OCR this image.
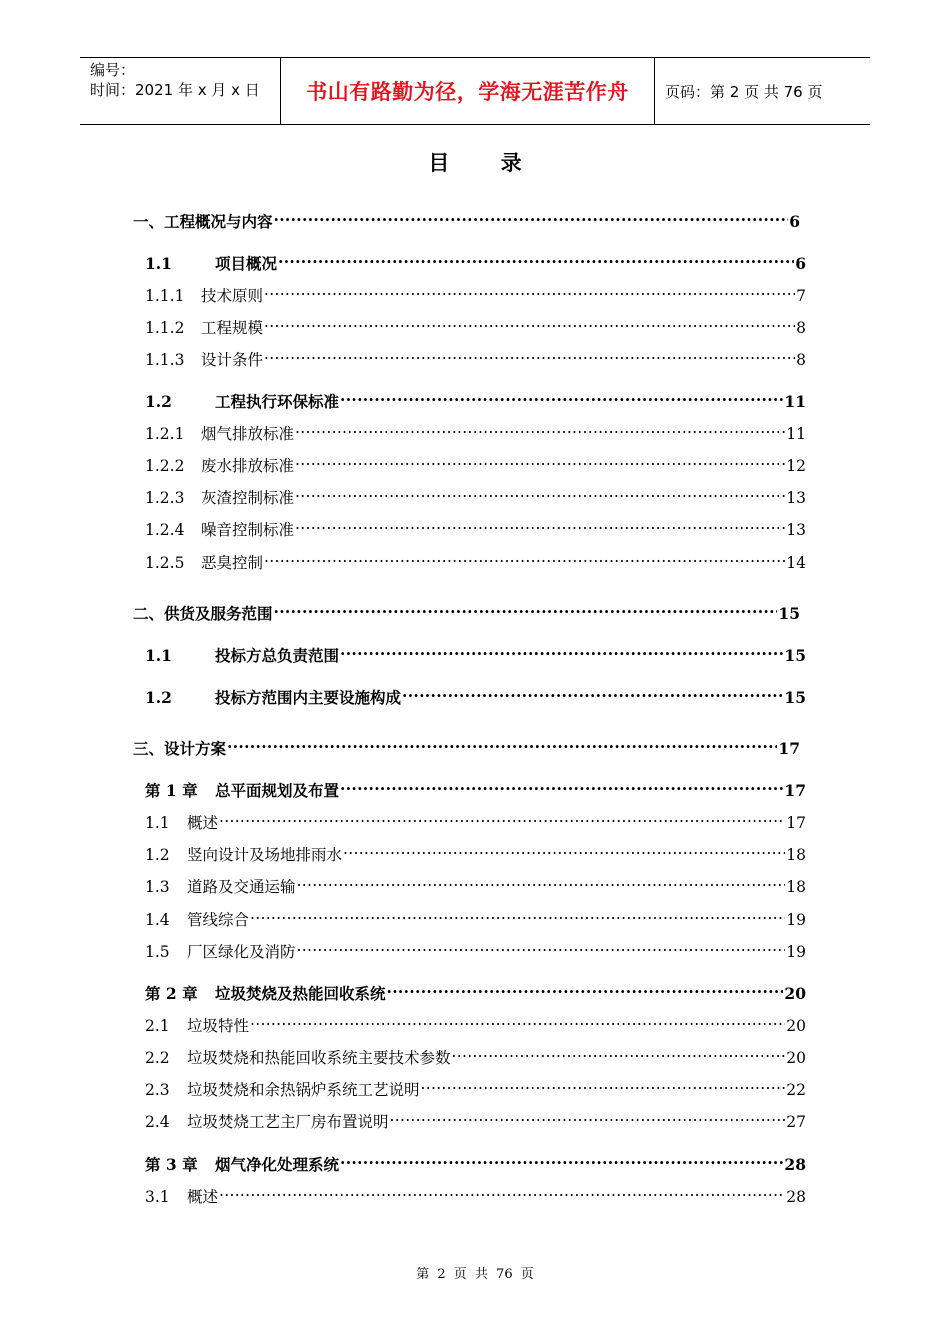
编号：
时间：2021 年 x 月 x 日	书山有路勤为径，学海无涯苦作舟	页码：第 2 页 共 76 页
目 录
一、工程概况与内容 .....	6
1.1	项目概况 .....	6
1.1.1	技术原则 .....	7
1.1.2	工程规模 .....	8
1.1.3	设计条件 .....	8
1.2	工程执行环保标准 .....	11
1.2.1	烟气排放标准 .....	11
1.2.2	废水排放标准 .....	12
1.2.3	灰渣控制标准 .....	13
1.2.4	噪音控制标准 .....	13
1.2.5	恶臭控制 .....	14
二、供货及服务范围 .....	15
1.1	投标方总负责范围 .....	15
1.2	投标方范围内主要设施构成 .....	15
三、设计方案 .....	17
第 1 章	总平面规划及布置 .....	17
1.1	概述 .....	17
1.2	竖向设计及场地排雨水 .....	18
1.3	道路及交通运输 .....	18
1.4	管线综合 .....	19
1.5	厂区绿化及消防 .....	19
第 2 章	垃圾焚烧及热能回收系统 .....	20
2.1	垃圾特性 .....	20
2.2	垃圾焚烧和热能回收系统主要技术参数 .....	20
2.3	垃圾焚烧和余热锅炉系统工艺说明 .....	22
2.4	垃圾焚烧工艺主厂房布置说明 .....	27
第 3 章	烟气净化处理系统 .....	28
3.1	概述 .....	28
第 2 页 共 76 页
